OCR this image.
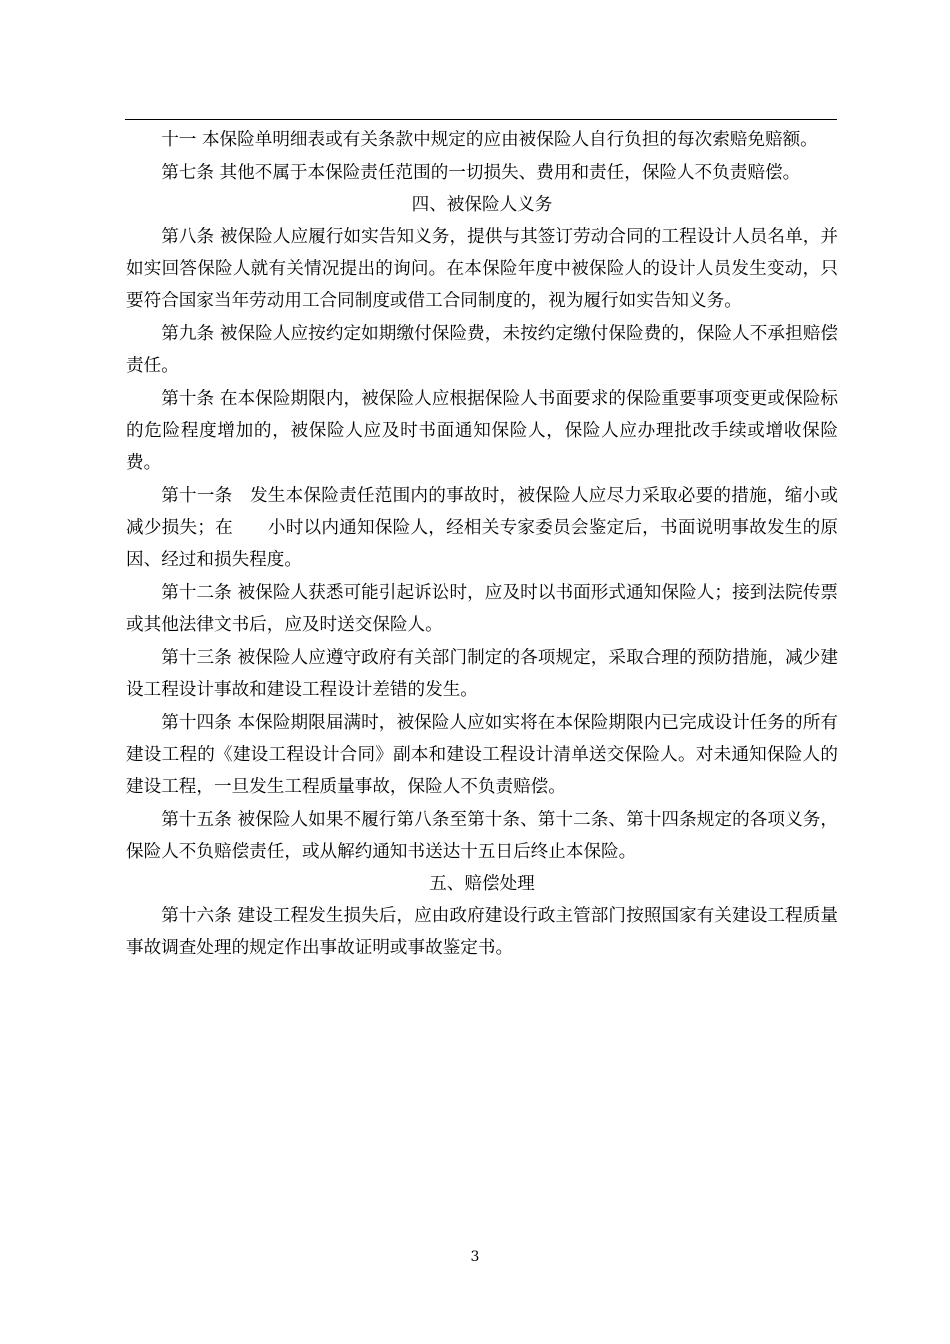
十一 本保险单明细表或有关条款中规定的应由被保险人自行负担的每次索赔免赔额。

第七条 其他不属于本保险责任范围的一切损失、费用和责任，保险人不负责赔偿。

四、被保险人义务

第八条 被保险人应履行如实告知义务，提供与其签订劳动合同的工程设计人员名单，并如实回答保险人就有关情况提出的询问。在本保险年度中被保险人的设计人员发生变动，只要符合国家当年劳动用工合同制度或借工合同制度的，视为履行如实告知义务。

第九条 被保险人应按约定如期缴付保险费，未按约定缴付保险费的，保险人不承担赔偿责任。

第十条 在本保险期限内，被保险人应根据保险人书面要求的保险重要事项变更或保险标的危险程度增加的，被保险人应及时书面通知保险人，保险人应办理批改手续或增收保险费。

第十一条   发生本保险责任范围内的事故时，被保险人应尽力采取必要的措施，缩小或减少损失；在      小时以内通知保险人，经相关专家委员会鉴定后，书面说明事故发生的原因、经过和损失程度。

第十二条 被保险人获悉可能引起诉讼时，应及时以书面形式通知保险人；接到法院传票或其他法律文书后，应及时送交保险人。

第十三条 被保险人应遵守政府有关部门制定的各项规定，采取合理的预防措施，减少建设工程设计事故和建设工程设计差错的发生。

第十四条 本保险期限届满时，被保险人应如实将在本保险期限内已完成设计任务的所有建设工程的《建设工程设计合同》副本和建设工程设计清单送交保险人。对未通知保险人的建设工程，一旦发生工程质量事故，保险人不负责赔偿。

第十五条 被保险人如果不履行第八条至第十条、第十二条、第十四条规定的各项义务，保险人不负赔偿责任，或从解约通知书送达十五日后终止本保险。

五、赔偿处理

第十六条 建设工程发生损失后，应由政府建设行政主管部门按照国家有关建设工程质量事故调查处理的规定作出事故证明或事故鉴定书。

3
